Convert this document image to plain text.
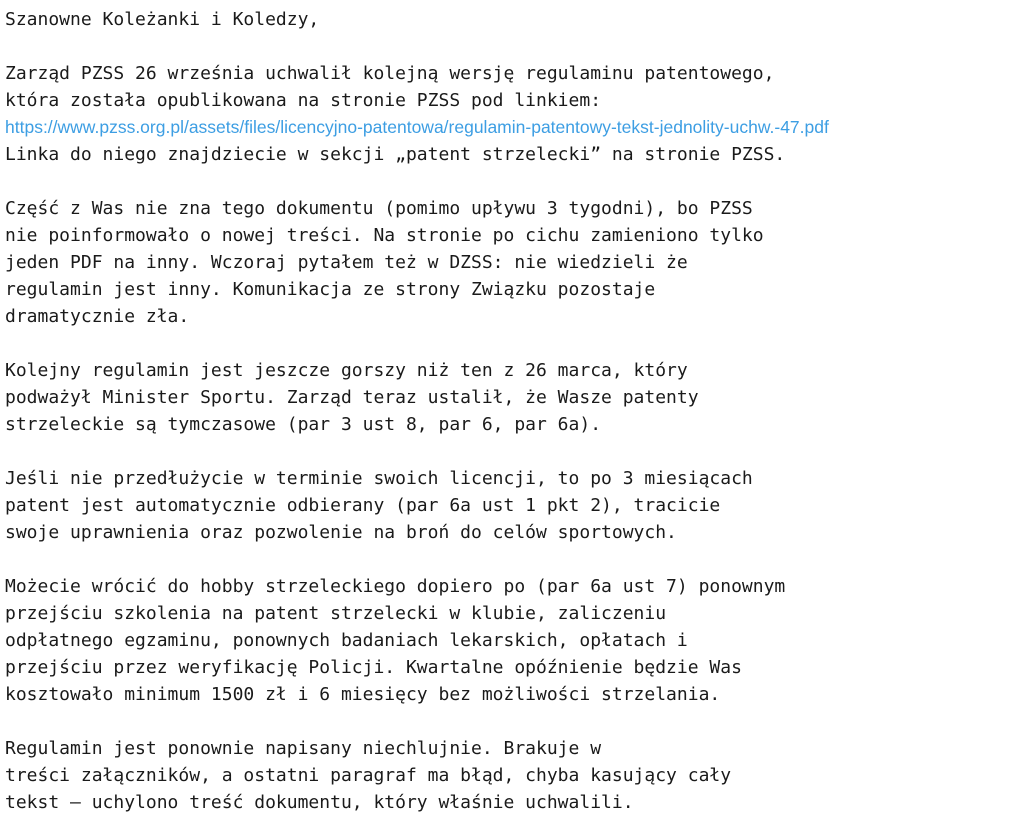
Szanowne Koleżanki i Koledzy,
Zarząd PZSS 26 września uchwalił kolejną wersję regulaminu patentowego,
która została opublikowana na stronie PZSS pod linkiem:
https://www.pzss.org.pl/assets/files/licencyjno-patentowa/regulamin-patentowy-tekst-jednolity-uchw.-47.pdf
Linka do niego znajdziecie w sekcji „patent strzelecki” na stronie PZSS.
Część z Was nie zna tego dokumentu (pomimo upływu 3 tygodni), bo PZSS
nie poinformowało o nowej treści. Na stronie po cichu zamieniono tylko
jeden PDF na inny. Wczoraj pytałem też w DZSS: nie wiedzieli że
regulamin jest inny. Komunikacja ze strony Związku pozostaje
dramatycznie zła.
Kolejny regulamin jest jeszcze gorszy niż ten z 26 marca, który
podważył Minister Sportu. Zarząd teraz ustalił, że Wasze patenty
strzeleckie są tymczasowe (par 3 ust 8, par 6, par 6a).
Jeśli nie przedłużycie w terminie swoich licencji, to po 3 miesiącach
patent jest automatycznie odbierany (par 6a ust 1 pkt 2), tracicie
swoje uprawnienia oraz pozwolenie na broń do celów sportowych.
Możecie wrócić do hobby strzeleckiego dopiero po (par 6a ust 7) ponownym
przejściu szkolenia na patent strzelecki w klubie, zaliczeniu
odpłatnego egzaminu, ponownych badaniach lekarskich, opłatach i
przejściu przez weryfikację Policji. Kwartalne opóźnienie będzie Was
kosztowało minimum 1500 zł i 6 miesięcy bez możliwości strzelania.
Regulamin jest ponownie napisany niechlujnie. Brakuje w
treści załączników, a ostatni paragraf ma błąd, chyba kasujący cały
tekst – uchylono treść dokumentu, który właśnie uchwalili.
